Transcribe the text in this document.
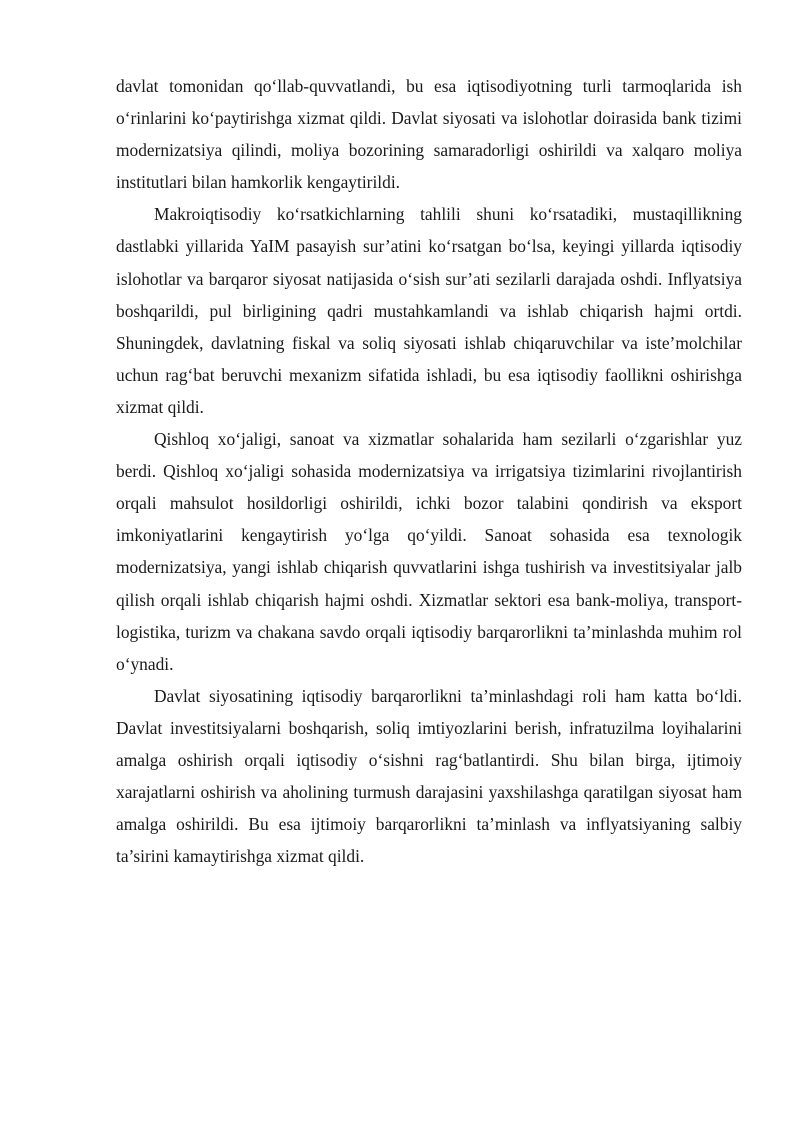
davlat tomonidan qo‘llab-quvvatlandi, bu esa iqtisodiyotning turli tarmoqlarida ish o‘rinlarini ko‘paytirishga xizmat qildi. Davlat siyosati va islohotlar doirasida bank tizimi modernizatsiya qilindi, moliya bozorining samaradorligi oshirildi va xalqaro moliya institutlari bilan hamkorlik kengaytirildi.

Makroiqtisodiy ko‘rsatkichlarning tahlili shuni ko‘rsatadiki, mustaqillikning dastlabki yillarida YaIM pasayish sur’atini ko‘rsatgan bo‘lsa, keyingi yillarda iqtisodiy islohotlar va barqaror siyosat natijasida o‘sish sur’ati sezilarli darajada oshdi. Inflyatsiya boshqarildi, pul birligining qadri mustahkamlandi va ishlab chiqarish hajmi ortdi. Shuningdek, davlatning fiskal va soliq siyosati ishlab chiqaruvchilar va iste’molchilar uchun rag‘bat beruvchi mexanizm sifatida ishladi, bu esa iqtisodiy faollikni oshirishga xizmat qildi.

Qishloq xo‘jaligi, sanoat va xizmatlar sohalarida ham sezilarli o‘zgarishlar yuz berdi. Qishloq xo‘jaligi sohasida modernizatsiya va irrigatsiya tizimlarini rivojlantirish orqali mahsulot hosildorligi oshirildi, ichki bozor talabini qondirish va eksport imkoniyatlarini kengaytirish yo‘lga qo‘yildi. Sanoat sohasida esa texnologik modernizatsiya, yangi ishlab chiqarish quvvatlarini ishga tushirish va investitsiyalar jalb qilish orqali ishlab chiqarish hajmi oshdi. Xizmatlar sektori esa bank-moliya, transport-logistika, turizm va chakana savdo orqali iqtisodiy barqarorlikni ta’minlashda muhim rol o‘ynadi.

Davlat siyosatining iqtisodiy barqarorlikni ta’minlashdagi roli ham katta bo‘ldi. Davlat investitsiyalarni boshqarish, soliq imtiyozlarini berish, infratuzilma loyihalarini amalga oshirish orqali iqtisodiy o‘sishni rag‘batlantirdi. Shu bilan birga, ijtimoiy xarajatlarni oshirish va aholining turmush darajasini yaxshilashga qaratilgan siyosat ham amalga oshirildi. Bu esa ijtimoiy barqarorlikni ta’minlash va inflyatsiyaning salbiy ta’sirini kamaytirishga xizmat qildi.
